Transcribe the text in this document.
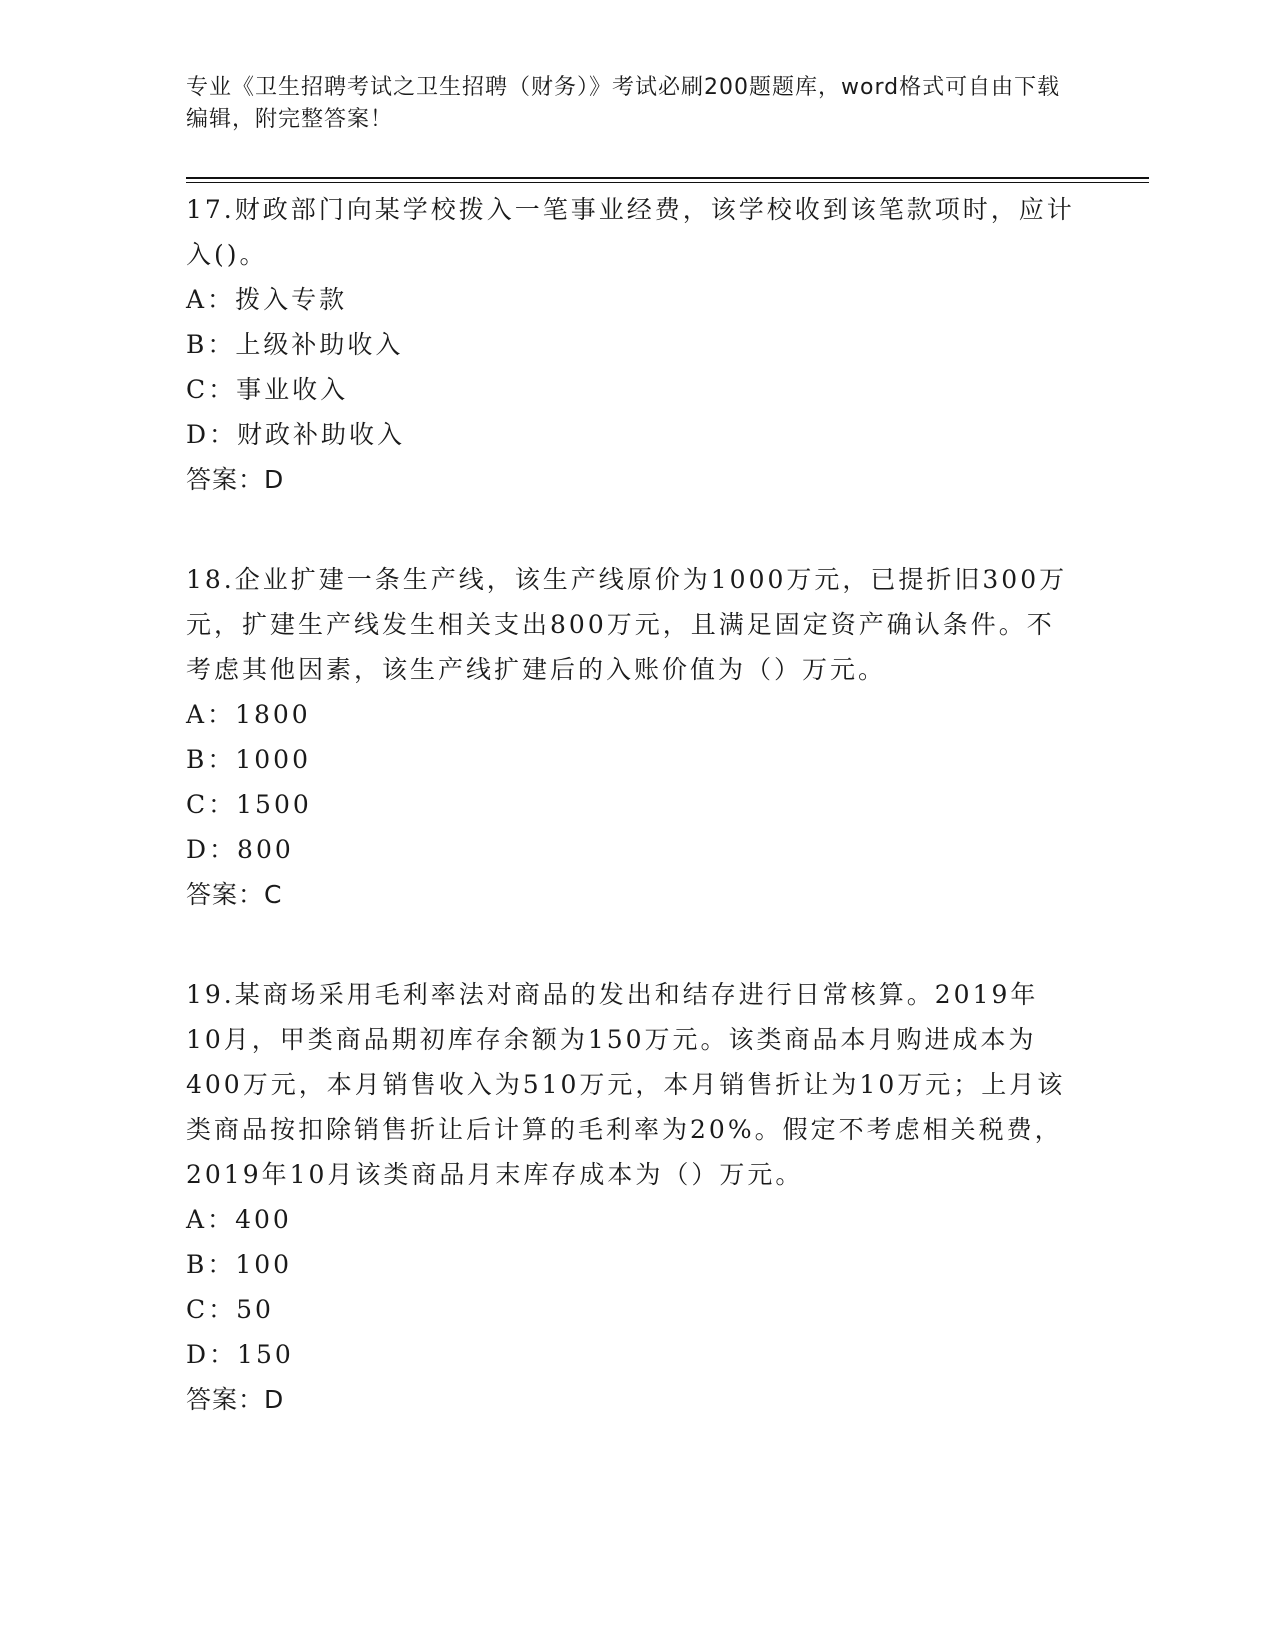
专业《卫生招聘考试之卫生招聘（财务）》考试必刷200题题库，word格式可自由下载编辑，附完整答案！

17.财政部门向某学校拨入一笔事业经费，该学校收到该笔款项时，应计入()。

A：拨入专款
B：上级补助收入
C：事业收入
D：财政补助收入
答案：D

18.企业扩建一条生产线，该生产线原价为1000万元，已提折旧300万元，扩建生产线发生相关支出800万元，且满足固定资产确认条件。不考虑其他因素，该生产线扩建后的入账价值为（）万元。

A：1800
B：1000
C：1500
D：800
答案：C

19.某商场采用毛利率法对商品的发出和结存进行日常核算。2019年10月，甲类商品期初库存余额为150万元。该类商品本月购进成本为400万元，本月销售收入为510万元，本月销售折让为10万元；上月该类商品按扣除销售折让后计算的毛利率为20%。假定不考虑相关税费，2019年10月该类商品月末库存成本为（）万元。

A：400
B：100
C：50
D：150
答案：D
